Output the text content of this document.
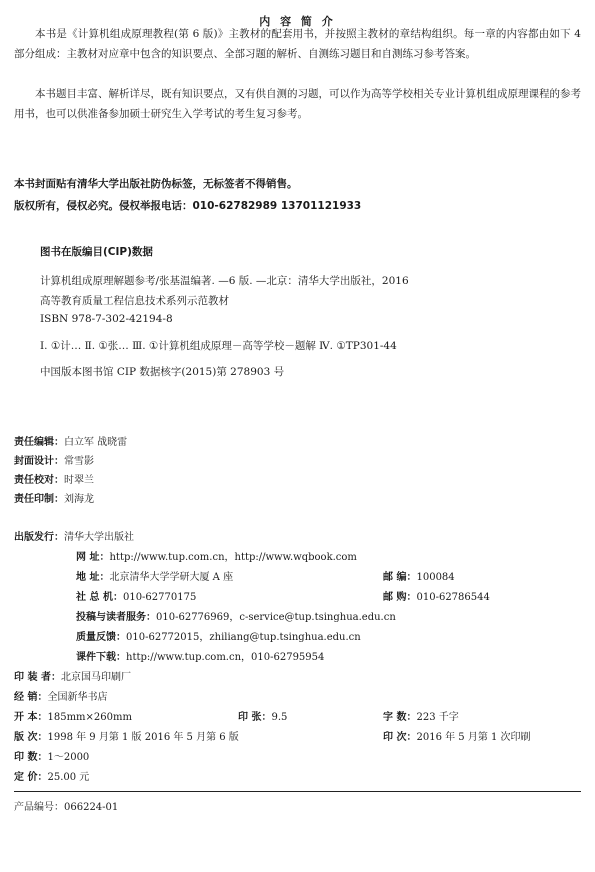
内 容 简 介

本书是《计算机组成原理教程(第 6 版)》主教材的配套用书，并按照主教材的章结构组织。每一章的内容都由如下 4 部分组成：主教材对应章中包含的知识要点、全部习题的解析、自测练习题目和自测练习参考答案。

本书题目丰富、解析详尽，既有知识要点，又有供自测的习题，可以作为高等学校相关专业计算机组成原理课程的参考用书，也可以供准备参加硕士研究生入学考试的考生复习参考。

本书封面贴有清华大学出版社防伪标签，无标签者不得销售。
版权所有，侵权必究。侵权举报电话：010-62782989 13701121933
图书在版编目(CIP)数据
计算机组成原理解题参考/张基温编著. —6 版. —北京：清华大学出版社，2016
高等教育质量工程信息技术系列示范教材
ISBN 978-7-302-42194-8
Ⅰ. ①计… Ⅱ. ①张… Ⅲ. ①计算机组成原理－高等学校－题解 Ⅳ. ①TP301-44
中国版本图书馆 CIP 数据核字(2015)第 278903 号
责任编辑：白立军 战晓雷
封面设计：常雪影
责任校对：时翠兰
责任印制：刘海龙
出版发行：清华大学出版社
网 址：http://www.tup.com.cn，http://www.wqbook.com
地 址：北京清华大学学研大厦 A 座	邮 编：100084
社 总 机：010-62770175	邮 购：010-62786544
投稿与读者服务：010-62776969，c-service@tup.tsinghua.edu.cn
质量反馈：010-62772015，zhiliang@tup.tsinghua.edu.cn
课件下载：http://www.tup.com.cn，010-62795954
印 装 者：北京国马印刷厂
经 销：全国新华书店
开 本：185mm×260mm	印 张：9.5	字 数：223 千字
版 次：1998 年 9 月第 1 版 2016 年 5 月第 6 版	印 次：2016 年 5 月第 1 次印刷
印 数：1～2000
定 价：25.00 元
产品编号：066224-01
